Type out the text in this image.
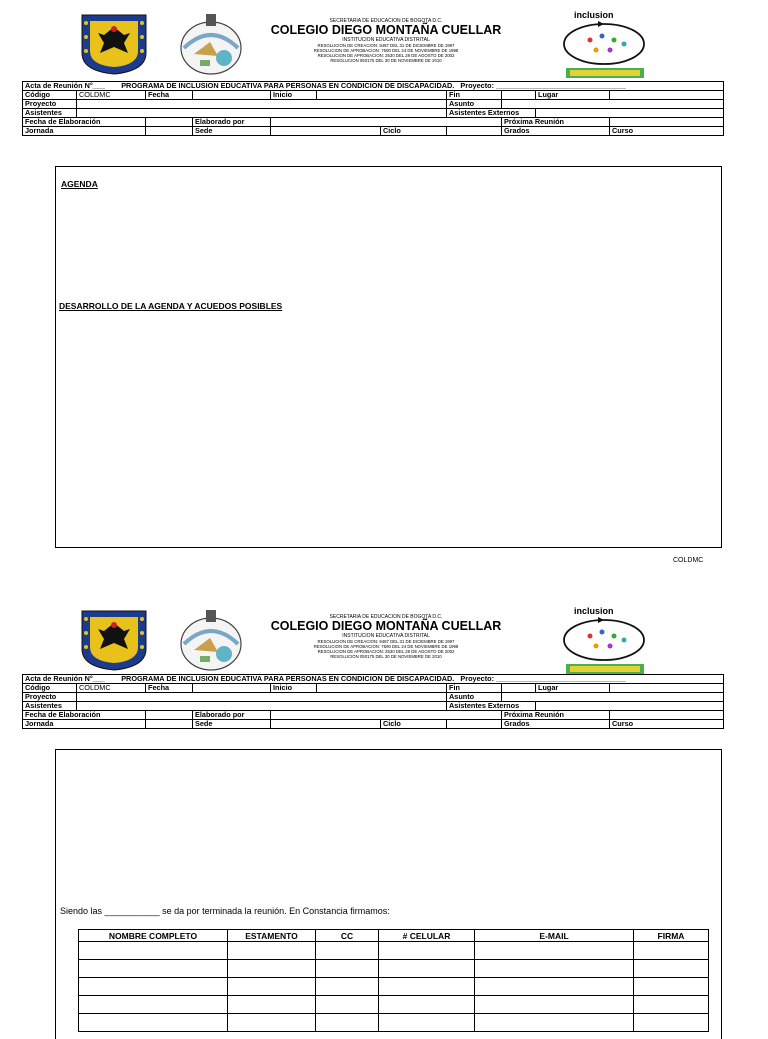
SECRETARIA DE EDUCACION DE BOGOTA D.C.
COLEGIO DIEGO MONTAÑA CUELLAR
INSTITUCION EDUCATIVA DISTRITAL
RESOLUCION DE CREACION: 9487 DEL 31 DE DICIEMBRE DE 1997
RESOLUCION DE APROBACION: 7590 DEL 24 DE NOVIEMBRE DE 1998
RESOLUCION DE APROBACION: 2530 DEL 28 DE AGOSTO DE 2002
RESOLUCION 050175 DEL 30 DE NOVIEMBRE DE 2010
inclusion
Acta de Reunión N°___ PROGRAMA DE INCLUSION EDUCATIVA PARA PERSONAS EN CONDICION DE DISCAPACIDAD. Proyecto: ________________________________										
Código	COLDMC	Fecha		Inicio			Fin		Lugar	
Proyecto							Asunto			
Asistentes							Asistentes Externos			
Fecha de Elaboración			Elaborado por					Próxima Reunión		
Jornada			Sede			Ciclo		Grados		Curso
AGENDA
DESARROLLO DE LA AGENDA Y ACUEDOS POSIBLES
COLDMC
SECRETARIA DE EDUCACION DE BOGOTA D.C.
COLEGIO DIEGO MONTAÑA CUELLAR
INSTITUCION EDUCATIVA DISTRITAL
RESOLUCION DE CREACION: 9487 DEL 31 DE DICIEMBRE DE 1997
RESOLUCION DE APROBACION: 7590 DEL 24 DE NOVIEMBRE DE 1998
RESOLUCION DE APROBACION: 2530 DEL 28 DE AGOSTO DE 2002
RESOLUCION 050175 DEL 30 DE NOVIEMBRE DE 2010
inclusion
Acta de Reunión N°___ PROGRAMA DE INCLUSION EDUCATIVA PARA PERSONAS EN CONDICION DE DISCAPACIDAD. Proyecto: ________________________________										
Código	COLDMC	Fecha		Inicio			Fin		Lugar	
Proyecto							Asunto			
Asistentes							Asistentes Externos			
Fecha de Elaboración			Elaborado por					Próxima Reunión		
Jornada			Sede			Ciclo		Grados		Curso
Siendo las ___________ se da por terminada la reunión. En Constancia firmamos:
NOMBRE COMPLETO	ESTAMENTO	CC	# CELULAR	E-MAIL	FIRMA
